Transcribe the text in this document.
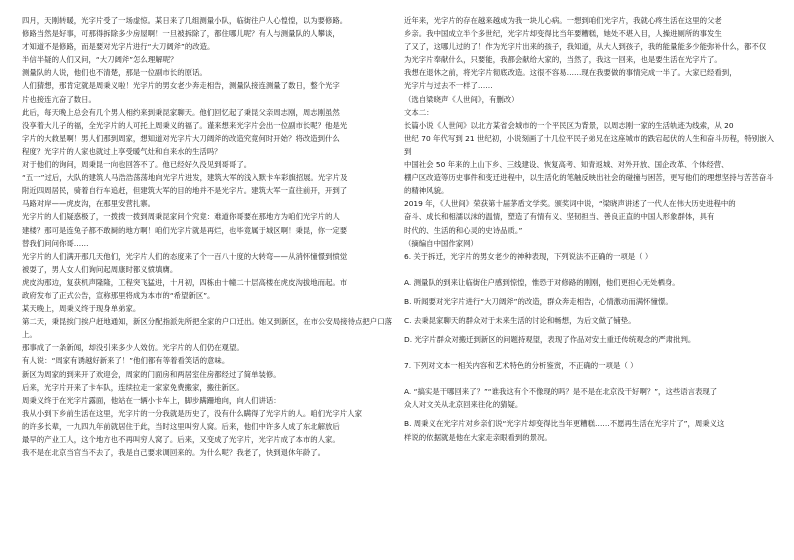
四月，天刚转暖，光字片受了一场虚惊。某日来了几组测量小队，临街往户人心惶惶，以为要修路。
修路当然是好事，可那得拆除多少房屋啊！一旦被拆除了，都住哪儿呢？有人与测量队的人攀谈，
才知道不是修路，而是要对光字片进行“大刀阔斧”的改造。
半信半疑的人们又问，“大刀阔斧”怎么理解呢？
测量队的人说，他们也不清楚，那是一位副市长的原话。
人们猜想，那肯定就是周秉义啦！光字片的男女老少奔走相告，测量队接连测量了数日，整个光字
片也接连亢奋了数日。
此后，每天晚上总会有几个男人相约来到秉昆家聊天。他们回忆起了秉昆父亲周志刚，周志刚虽然
没享着大儿子的福，全光字片的人可托上周秉义的福了。谨来想来光字片会出一位副市长呢？他是光
字片的大救星啊！男人们那到周家，想知道对光字片大刀阔斧的改造究竟何时开始？将改造到什么
程度？光字片的人家也就过上享受暖气灶和自来水的生活吗？
对于他们的询问，周秉昆一向也回答不了。他已经好久没见到哥哥了。
“五一”过后，大队的建筑人马浩浩荡荡地向光字片进发，建筑大军的浅入默卡车彩旗招展。光字片及
附近四周居民，骑着自行车追赶，但建筑大军的目的地并不是光字片。建筑大军一直往前开，开到了
马路对岸——虎皮沟，在那里安营扎寨。
光字片的人们疑惑极了，一拨拨一拨到周秉昆家问个究竟：难道你哥要在那地方为咱们光字片的人
建楼？那可是连兔子都不敢屙的地方啊！咱们光字片就是再烂，也毕竟属于城区啊！秉昆，你一定要
替我们问问你哥……
光字片的人们满开那几天他们，光字片人们的态度来了个一百八十度的大转弯——从消怀憧憬到愤觉
被耍了，男人女人们询问起周康时都义愤填膺。
虎皮沟那边，复获机声隆隆，工程突飞猛进，十月初，四栋由十幢二十层高楼在虎皮沟拔地而起。市
政府发布了正式公告，宣称那里将成为本市的“希望新区”。
某天晚上，周秉义终于现身单弟家。
第二天，秉昆挨门挨户赶地通知，新区分配指派先所把全家的户口迁出。她又到新区，在市公安局接待点把户口落上。
那事成了一条新闻，却没引来多少人效仿。光字片的人们仍在观望。
有人说：“周家有诱越好新来了！”他们都有等着看笑话的意味。
新区为周家的到来开了欢迎会，周家的门面房和两居室住房都经过了简单装修。
后来，光字片开来了卡车队，连续拉走一家家免费搬家，搬往新区。
周秉义终于在光字片露面，他站在一辆小卡车上，脚步蹒跚地向，向人们讲话：
我从小到下乡前生活在这里，光字片的一分我就是历史了，没有什么瞒得了光字片的人。咱们光字片人家
的许多长辈，一九四九年前就居住于此，当时这里叫穷人窝。后来，他们中许多人成了东北解放后
最早的产业工人，这个地方也不再叫穷人窝了。后来，又变成了光字片，光字片成了本市的人家。
我不是在北京当官当不去了，我是自己要求调回来的。为什么呢？我老了，快到退休年龄了。
近年来，光字片的存在越来越成为我一块儿心病。一想到咱们光字片，我就心疼生活在这里的父老
乡亲。我中国成立半个多世纪，光字片却变得比当年要糟糕，她处不堪入目，人操进厕所的事发生
了又了，这哪儿过的了！作为光字片出来的孩子，我知道，从大人到孩子，我的能量能多少能弥补什么，都不仅
为光字片奉献什么，只要能，我都会献给大家的，当然了，我这一回来，也是要生活在光字片了。
我想在退休之前，将光字片彻底改造。这很不容易……现在我要做的事情完成一半了。大家已经看到，
光字片与过去不一样了……
（选自梁晓声《人世间》，有删改）
文本二：
长篇小说《人世间》以北方某省会城市的一个平民区为背景，以周志刚一家的生活轨迹为线索，从 20
世纪 70 年代写到 21 世纪初，小说刻画了十几位平民子弟兄在这座城市的跌宕起伏的人生和奋斗历程，特别嵌入到
中国社会 50 年来的上山下乡、三线建设、恢复高考、知青返城、对外开放、国企改革、个体经营、
棚户区改造等历史事件和变迁进程中，以生活化的笔触反映出社会的碰撞与困苦，更写他们的理想坚持与苦苦奋斗
的精神风貌。
2019 年，《人世间》荣获第十届茅盾文学奖。颁奖词中说，“梁晓声讲述了一代人在伟大历史进程中的
奋斗、成长和相濡以沫的温情，塑造了有情有义、坚韧担当、善良正直的中国人形象群体，具有
时代的、生活的和心灵的史诗品质。”
（摘编自中国作家网）
6. 关于拆迁，光字片的男女老少的神种表现，下列说法不正确的一项是（ ）
A. 测量队的到来让临街住户感到惊惶，惟恐于对修路的刚刚，他们更担心无处栖身。
B. 听闻要对光字片进行“大刀阔斧”的改造，群众奔走相告，心情激动而满怀憧憬。
C. 去秉昆家聊天的群众对于未来生活的讨论和畅想，为后文做了铺垫。
D. 光字片群众对搬迁到新区的问题持观望，表现了作品对安土重迁传统观念的严肃批判。
7. 下列对文本一相关内容和艺术特色的分析鉴赏，不正确的一项是（ ）
A. “搞实是干哪回来了？”“谁我这有个不像现的吗？是不是在北京没干好啊？”，这些语言表现了
众人对文关从北京回来往化的猜疑。
B. 周秉义在光字片对乡亲们说“光字片却变得比当年更糟糕……不愿再生活在光字片了”，周秉义这
样说的依据就是他在大家走亲眼看到的景况。
